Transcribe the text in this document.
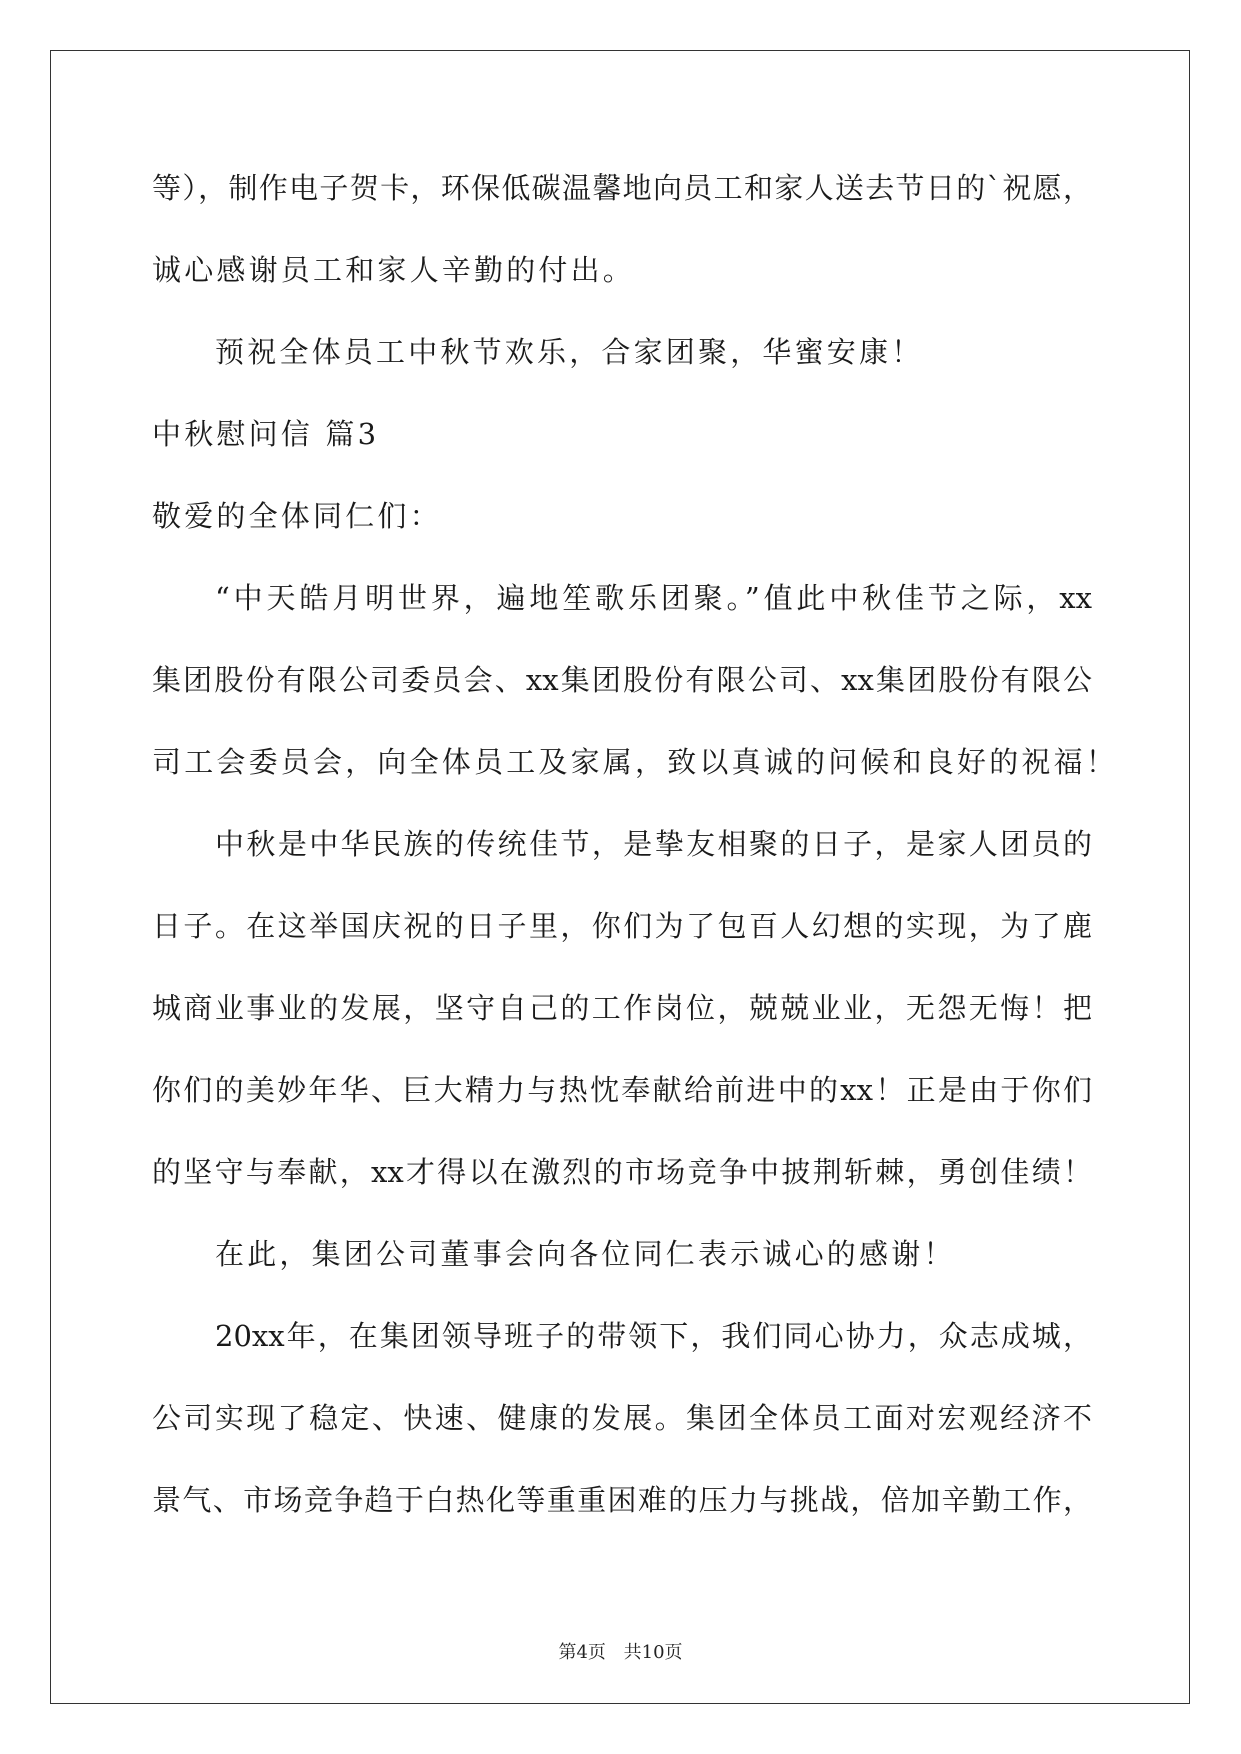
等），制作电子贺卡，环保低碳温馨地向员工和家人送去节日的`祝愿，
诚心感谢员工和家人辛勤的付出。
预祝全体员工中秋节欢乐，合家团聚，华蜜安康！
中秋慰问信 篇3
敬爱的全体同仁们：
“中天皓月明世界，遍地笙歌乐团聚。”值此中秋佳节之际，xx
集团股份有限公司委员会、xx集团股份有限公司、xx集团股份有限公
司工会委员会，向全体员工及家属，致以真诚的问候和良好的祝福！
中秋是中华民族的传统佳节，是挚友相聚的日子，是家人团员的
日子。在这举国庆祝的日子里，你们为了包百人幻想的实现，为了鹿
城商业事业的发展，坚守自己的工作岗位，兢兢业业，无怨无悔！把
你们的美妙年华、巨大精力与热忱奉献给前进中的xx！正是由于你们
的坚守与奉献，xx才得以在激烈的市场竞争中披荆斩棘，勇创佳绩！
在此，集团公司董事会向各位同仁表示诚心的感谢！
20xx年，在集团领导班子的带领下，我们同心协力，众志成城，
公司实现了稳定、快速、健康的发展。集团全体员工面对宏观经济不
景气、市场竞争趋于白热化等重重困难的压力与挑战，倍加辛勤工作，
第4页 共10页
